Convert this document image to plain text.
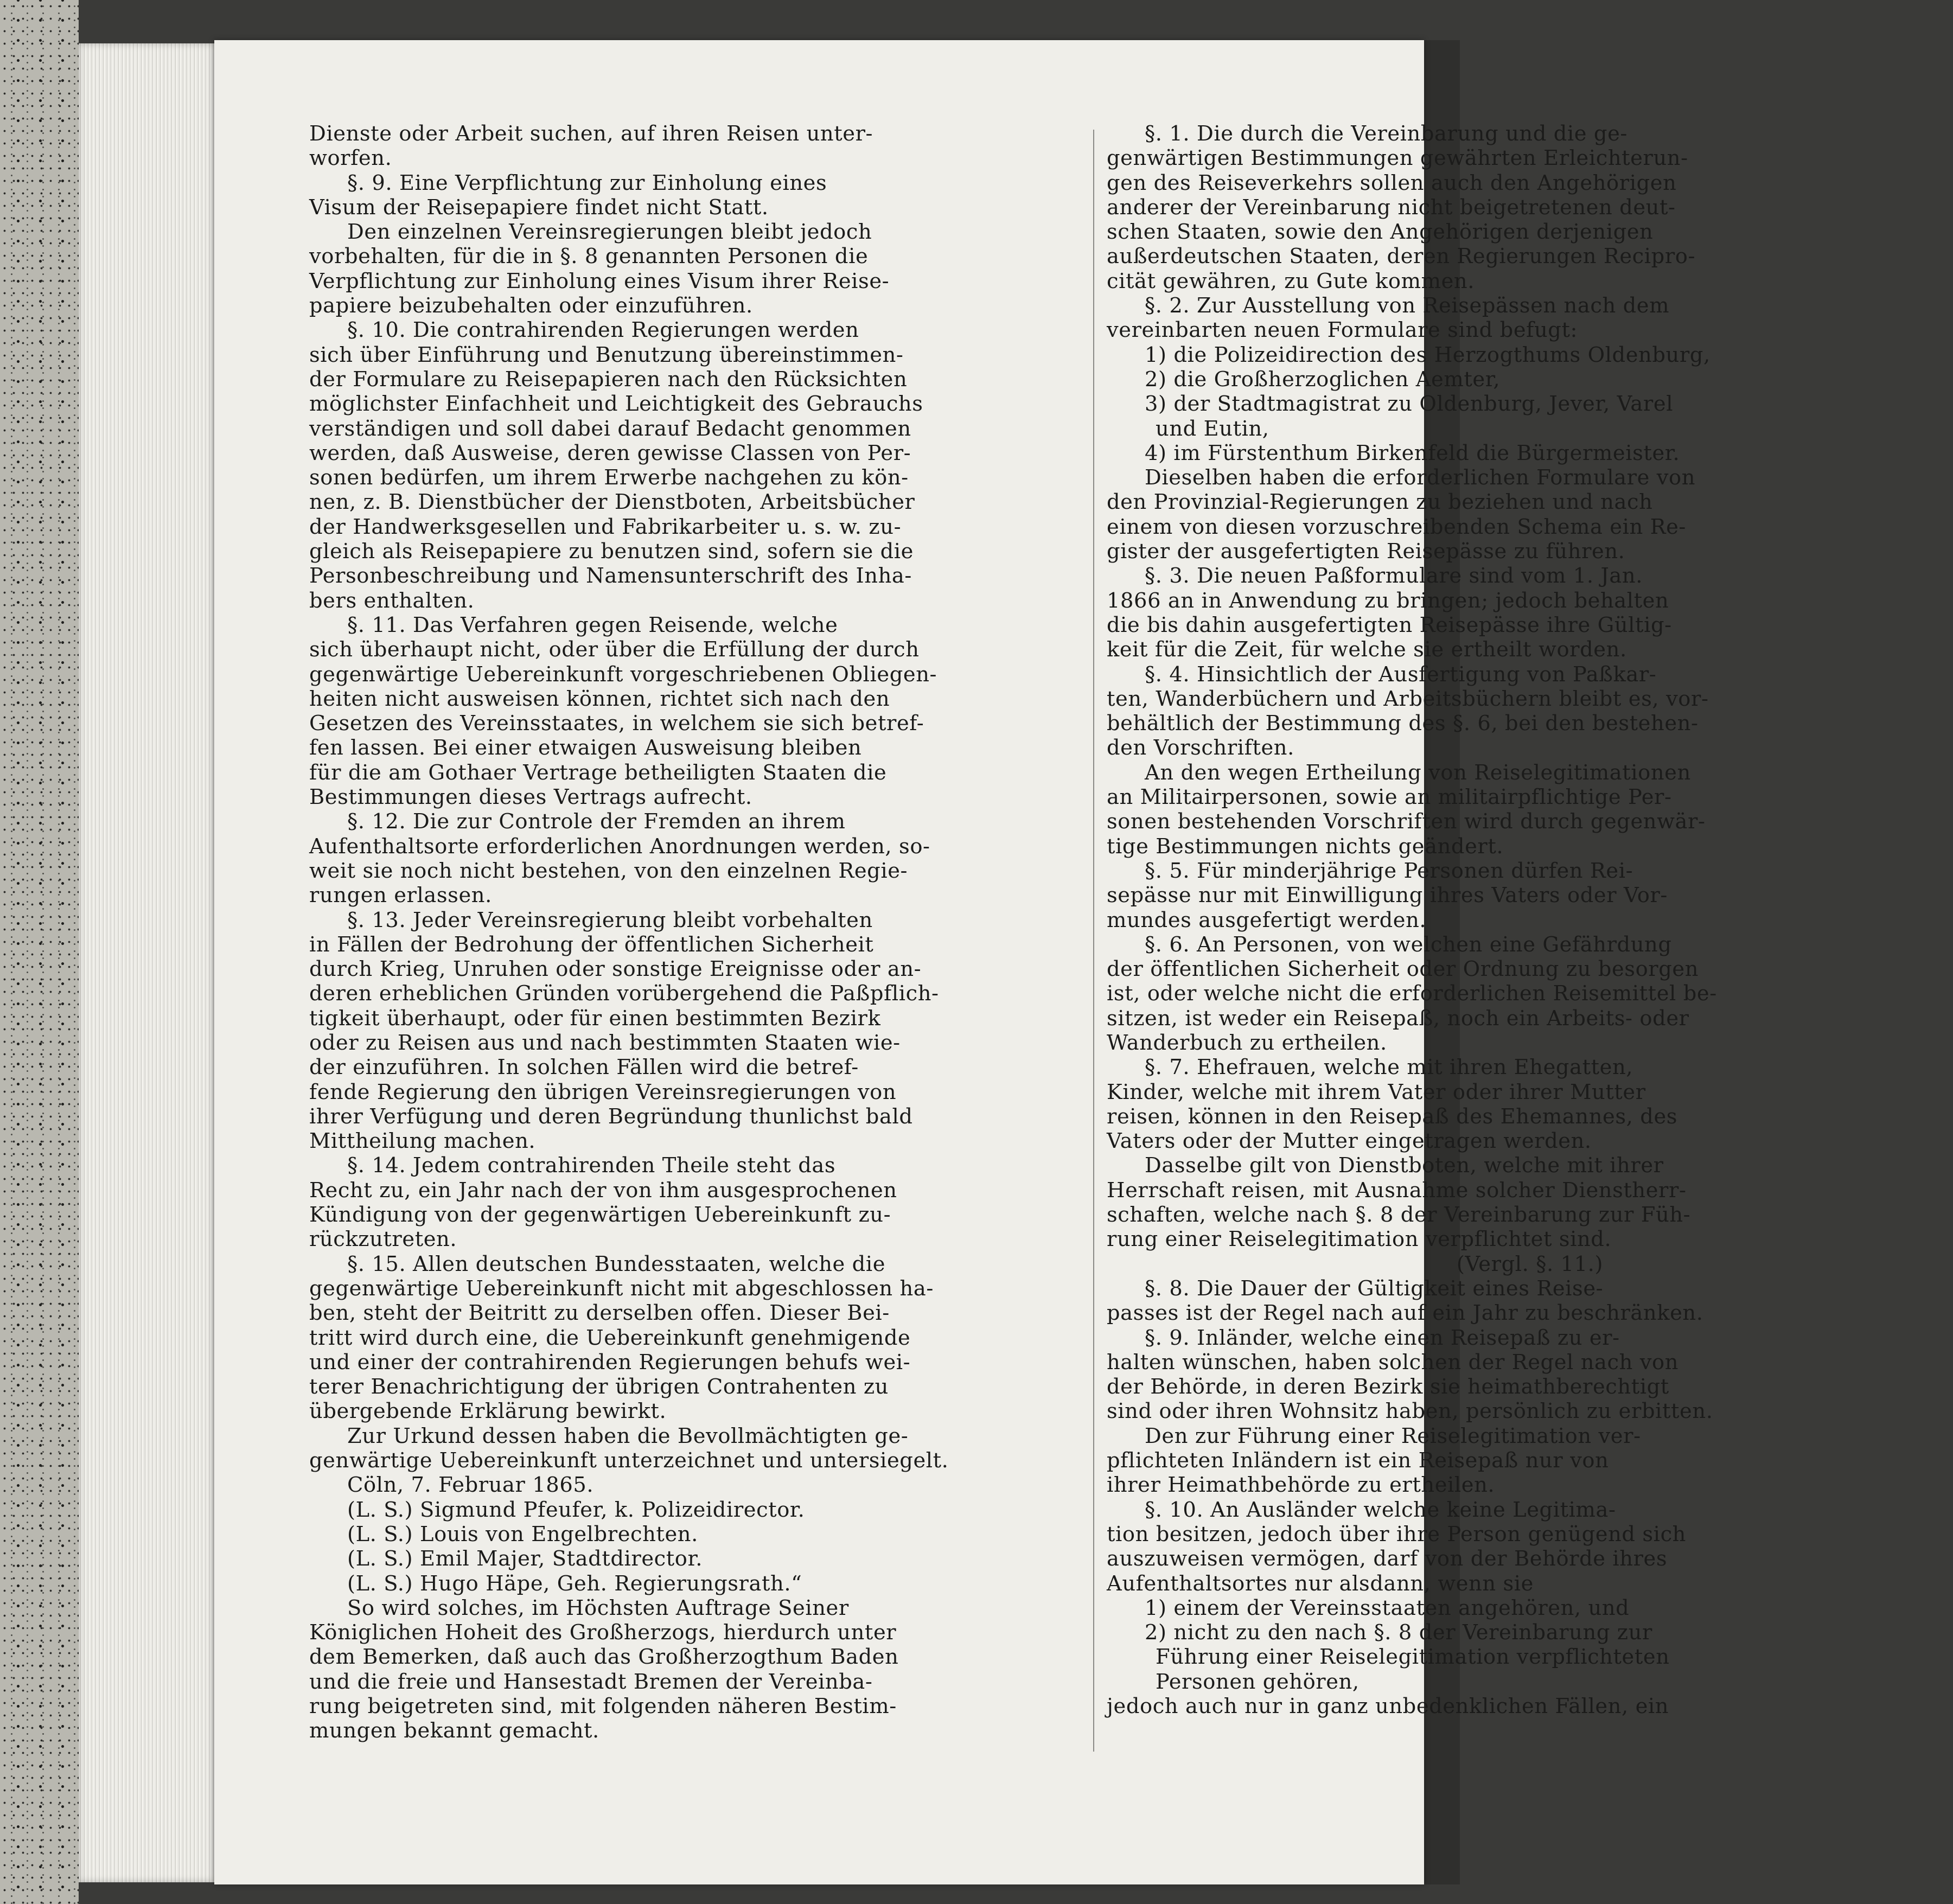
Dienste oder Arbeit suchen, auf ihren Reisen unter-

worfen.

§. 9. Eine Verpflichtung zur Einholung eines

Visum der Reisepapiere findet nicht Statt.

Den einzelnen Vereinsregierungen bleibt jedoch

vorbehalten, für die in §. 8 genannten Personen die

Verpflichtung zur Einholung eines Visum ihrer Reise-

papiere beizubehalten oder einzuführen.

§. 10. Die contrahirenden Regierungen werden

sich über Einführung und Benutzung übereinstimmen-

der Formulare zu Reisepapieren nach den Rücksichten

möglichster Einfachheit und Leichtigkeit des Gebrauchs

verständigen und soll dabei darauf Bedacht genommen

werden, daß Ausweise, deren gewisse Classen von Per-

sonen bedürfen, um ihrem Erwerbe nachgehen zu kön-

nen, z. B. Dienstbücher der Dienstboten, Arbeitsbücher

der Handwerksgesellen und Fabrikarbeiter u. s. w. zu-

gleich als Reisepapiere zu benutzen sind, sofern sie die

Personbeschreibung und Namensunterschrift des Inha-

bers enthalten.

§. 11. Das Verfahren gegen Reisende, welche

sich überhaupt nicht, oder über die Erfüllung der durch

gegenwärtige Uebereinkunft vorgeschriebenen Obliegen-

heiten nicht ausweisen können, richtet sich nach den

Gesetzen des Vereinsstaates, in welchem sie sich betref-

fen lassen. Bei einer etwaigen Ausweisung bleiben

für die am Gothaer Vertrage betheiligten Staaten die

Bestimmungen dieses Vertrags aufrecht.

§. 12. Die zur Controle der Fremden an ihrem

Aufenthaltsorte erforderlichen Anordnungen werden, so-

weit sie noch nicht bestehen, von den einzelnen Regie-

rungen erlassen.

§. 13. Jeder Vereinsregierung bleibt vorbehalten

in Fällen der Bedrohung der öffentlichen Sicherheit

durch Krieg, Unruhen oder sonstige Ereignisse oder an-

deren erheblichen Gründen vorübergehend die Paßpflich-

tigkeit überhaupt, oder für einen bestimmten Bezirk

oder zu Reisen aus und nach bestimmten Staaten wie-

der einzuführen. In solchen Fällen wird die betref-

fende Regierung den übrigen Vereinsregierungen von

ihrer Verfügung und deren Begründung thunlichst bald

Mittheilung machen.

§. 14. Jedem contrahirenden Theile steht das

Recht zu, ein Jahr nach der von ihm ausgesprochenen

Kündigung von der gegenwärtigen Uebereinkunft zu-

rückzutreten.

§. 15. Allen deutschen Bundesstaaten, welche die

gegenwärtige Uebereinkunft nicht mit abgeschlossen ha-

ben, steht der Beitritt zu derselben offen. Dieser Bei-

tritt wird durch eine, die Uebereinkunft genehmigende

und einer der contrahirenden Regierungen behufs wei-

terer Benachrichtigung der übrigen Contrahenten zu

übergebende Erklärung bewirkt.

Zur Urkund dessen haben die Bevollmächtigten ge-

genwärtige Uebereinkunft unterzeichnet und untersiegelt.

Cöln, 7. Februar 1865.

(L. S.) Sigmund Pfeufer, k. Polizeidirector.

(L. S.) Louis von Engelbrechten.

(L. S.) Emil Majer, Stadtdirector.

(L. S.) Hugo Häpe, Geh. Regierungsrath.“

So wird solches, im Höchsten Auftrage Seiner

Königlichen Hoheit des Großherzogs, hierdurch unter

dem Bemerken, daß auch das Großherzogthum Baden

und die freie und Hansestadt Bremen der Vereinba-

rung beigetreten sind, mit folgenden näheren Bestim-

mungen bekannt gemacht.

§. 1. Die durch die Vereinbarung und die ge-

genwärtigen Bestimmungen gewährten Erleichterun-

gen des Reiseverkehrs sollen auch den Angehörigen

anderer der Vereinbarung nicht beigetretenen deut-

schen Staaten, sowie den Angehörigen derjenigen

außerdeutschen Staaten, deren Regierungen Recipro-

cität gewähren, zu Gute kommen.

§. 2. Zur Ausstellung von Reisepässen nach dem

vereinbarten neuen Formulare sind befugt:

1) die Polizeidirection des Herzogthums Oldenburg,

2) die Großherzoglichen Aemter,

3) der Stadtmagistrat zu Oldenburg, Jever, Varel

und Eutin,

4) im Fürstenthum Birkenfeld die Bürgermeister.

Dieselben haben die erforderlichen Formulare von

den Provinzial-Regierungen zu beziehen und nach

einem von diesen vorzuschreibenden Schema ein Re-

gister der ausgefertigten Reisepässe zu führen.

§. 3. Die neuen Paßformulare sind vom 1. Jan.

1866 an in Anwendung zu bringen; jedoch behalten

die bis dahin ausgefertigten Reisepässe ihre Gültig-

keit für die Zeit, für welche sie ertheilt worden.

§. 4. Hinsichtlich der Ausfertigung von Paßkar-

ten, Wanderbüchern und Arbeitsbüchern bleibt es, vor-

behältlich der Bestimmung des §. 6, bei den bestehen-

den Vorschriften.

An den wegen Ertheilung von Reiselegitimationen

an Militairpersonen, sowie an militairpflichtige Per-

sonen bestehenden Vorschriften wird durch gegenwär-

tige Bestimmungen nichts geändert.

§. 5. Für minderjährige Personen dürfen Rei-

sepässe nur mit Einwilligung ihres Vaters oder Vor-

mundes ausgefertigt werden.

§. 6. An Personen, von welchen eine Gefährdung

der öffentlichen Sicherheit oder Ordnung zu besorgen

ist, oder welche nicht die erforderlichen Reisemittel be-

sitzen, ist weder ein Reisepaß, noch ein Arbeits- oder

Wanderbuch zu ertheilen.

§. 7. Ehefrauen, welche mit ihren Ehegatten,

Kinder, welche mit ihrem Vater oder ihrer Mutter

reisen, können in den Reisepaß des Ehemannes, des

Vaters oder der Mutter eingetragen werden.

Dasselbe gilt von Dienstboten, welche mit ihrer

Herrschaft reisen, mit Ausnahme solcher Dienstherr-

schaften, welche nach §. 8 der Vereinbarung zur Füh-

rung einer Reiselegitimation verpflichtet sind.

(Vergl. §. 11.)

§. 8. Die Dauer der Gültigkeit eines Reise-

passes ist der Regel nach auf ein Jahr zu beschränken.

§. 9. Inländer, welche einen Reisepaß zu er-

halten wünschen, haben solchen der Regel nach von

der Behörde, in deren Bezirk sie heimathberechtigt

sind oder ihren Wohnsitz haben, persönlich zu erbitten.

Den zur Führung einer Reiselegitimation ver-

pflichteten Inländern ist ein Reisepaß nur von

ihrer Heimathbehörde zu ertheilen.

§. 10. An Ausländer welche keine Legitima-

tion besitzen, jedoch über ihre Person genügend sich

auszuweisen vermögen, darf von der Behörde ihres

Aufenthaltsortes nur alsdann, wenn sie

1) einem der Vereinsstaaten angehören, und

2) nicht zu den nach §. 8 der Vereinbarung zur

Führung einer Reiselegitimation verpflichteten

Personen gehören,

jedoch auch nur in ganz unbedenklichen Fällen, ein
